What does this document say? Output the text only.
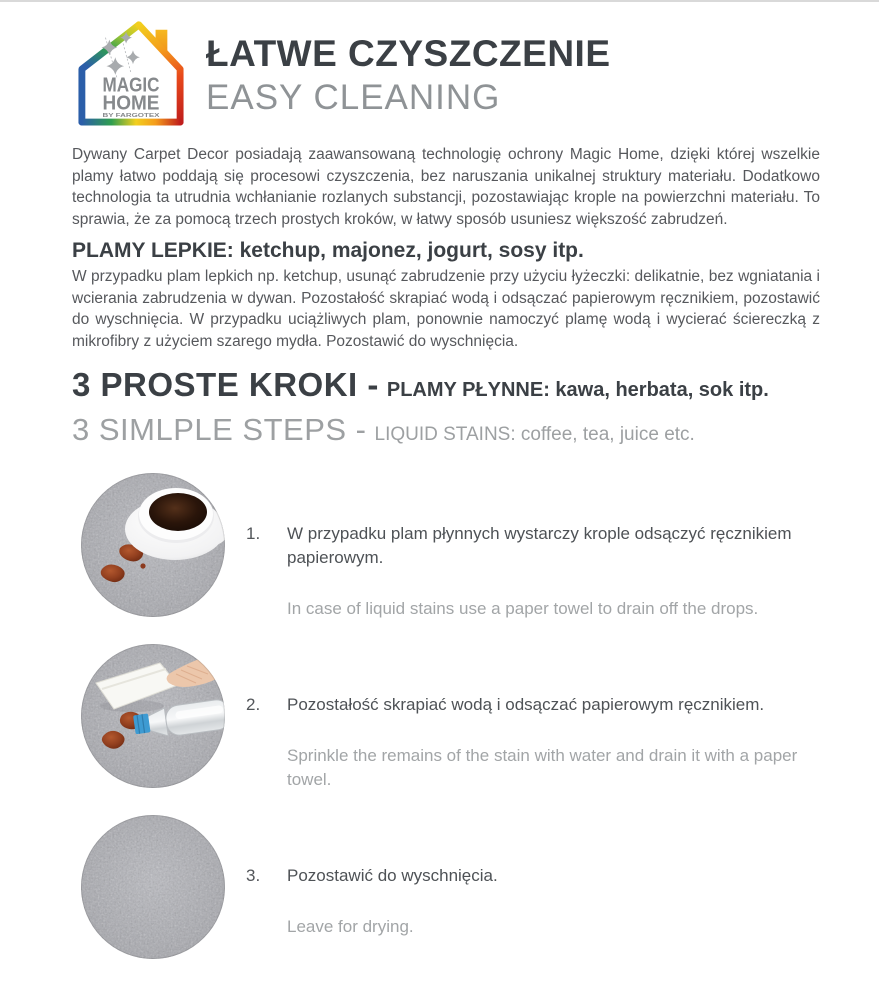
MAGIC
HOME
BY FARGOTEX
ŁATWE CZYSZCZENIE
EASY CLEANING

Dywany Carpet Decor posiadają zaawansowaną technologię ochrony Magic Home, dzięki której wszelkie plamy łatwo poddają się procesowi czyszczenia, bez naruszania unikalnej struktury materiału. Dodatkowo technologia ta utrudnia wchłanianie rozlanych substancji, pozostawiając krople na powierzchni materiału. To sprawia, że za pomocą trzech prostych kroków, w łatwy sposób usuniesz większość zabrudzeń.

PLAMY LEPKIE: ketchup, majonez, jogurt, sosy itp.

W przypadku plam lepkich np. ketchup, usunąć zabrudzenie przy użyciu łyżeczki: delikatnie, bez wgniatania i wcierania zabrudzenia w dywan. Pozostałość skrapiać wodą i odsączać papierowym ręcznikiem, pozostawić do wyschnięcia. W przypadku uciążliwych plam, ponownie namoczyć plamę wodą i wycierać ściereczką z mikrofibry z użyciem szarego mydła. Pozostawić do wyschnięcia.

3 PROSTE KROKI - PLAMY PŁYNNE: kawa, herbata, sok itp.
3 SIMLPLE STEPS - LIQUID STAINS: coffee, tea, juice etc.
1.	W przypadku plam płynnych wystarczy krople odsączyć ręcznikiem papierowym.

In case of liquid stains use a paper towel to drain off the drops.

2.	Pozostałość skrapiać wodą i odsączać papierowym ręcznikiem.

Sprinkle the remains of the stain with water and drain it with a paper towel.

3.	Pozostawić do wyschnięcia.

Leave for drying.
